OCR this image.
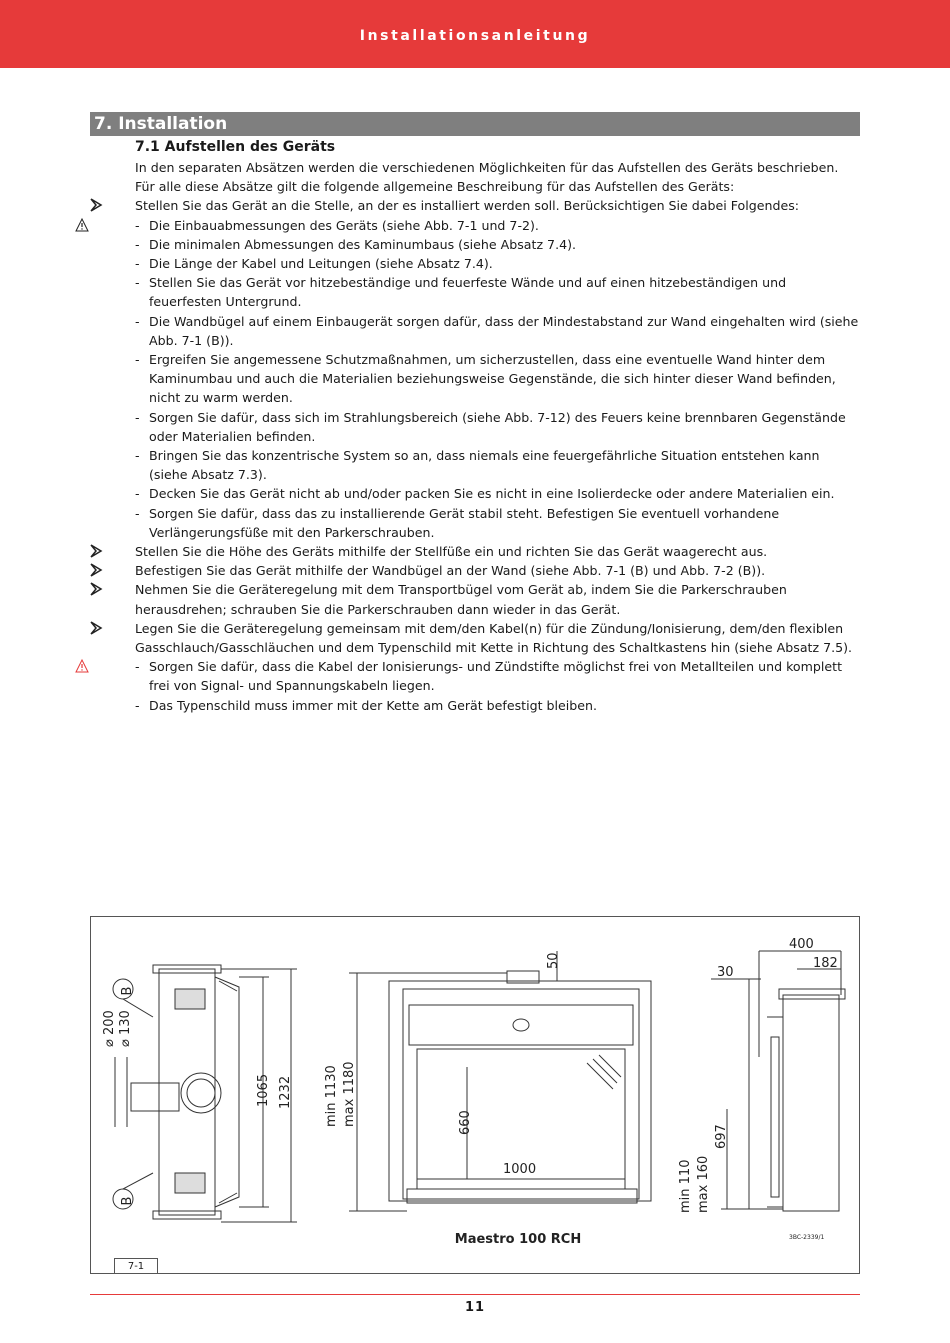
Installationsanleitung
7. Installation
7.1 Aufstellen des Geräts

In den separaten Absätzen werden die verschiedenen Möglichkeiten für das Aufstellen des Geräts beschrieben. Für alle diese Absätze gilt die folgende allgemeine Beschreibung für das Aufstellen des Geräts:

Stellen Sie das Gerät an die Stelle, an der es installiert werden soll. Berücksichtigen Sie dabei Folgendes:

- Die Einbauabmessungen des Geräts (siehe Abb. 7-1 und 7-2).
- Die minimalen Abmessungen des Kaminumbaus (siehe Absatz 7.4).
- Die Länge der Kabel und Leitungen (siehe Absatz 7.4).
- Stellen Sie das Gerät vor hitzebeständige und feuerfeste Wände und auf einen hitzebeständigen und feuerfesten Untergrund.
- Die Wandbügel auf einem Einbaugerät sorgen dafür, dass der Mindestabstand zur Wand eingehalten wird (siehe Abb. 7-1 (B)).
- Ergreifen Sie angemessene Schutzmaßnahmen, um sicherzustellen, dass eine eventuelle Wand hinter dem Kaminumbau und auch die Materialien beziehungsweise Gegenstände, die sich hinter dieser Wand befinden, nicht zu warm werden.
- Sorgen Sie dafür, dass sich im Strahlungsbereich (siehe Abb. 7-12) des Feuers keine brennbaren Gegenstände oder Materialien befinden.
- Bringen Sie das konzentrische System so an, dass niemals eine feuergefährliche Situation entstehen kann (siehe Absatz 7.3).
- Decken Sie das Gerät nicht ab und/oder packen Sie es nicht in eine Isolierdecke oder andere Materialien ein.
- Sorgen Sie dafür, dass das zu installierende Gerät stabil steht. Befestigen Sie eventuell vorhandene Verlängerungsfüße mit den Parkerschrauben.

Stellen Sie die Höhe des Geräts mithilfe der Stellfüße ein und richten Sie das Gerät waagerecht aus.

Befestigen Sie das Gerät mithilfe der Wandbügel an der Wand (siehe Abb. 7-1 (B) und Abb. 7-2 (B)).

Nehmen Sie die Geräteregelung mit dem Transportbügel vom Gerät ab, indem Sie die Parkerschrauben herausdrehen; schrauben Sie die Parkerschrauben dann wieder in das Gerät.

Legen Sie die Geräteregelung gemeinsam mit dem/den Kabel(n) für die Zündung/Ionisierung, dem/den flexiblen Gasschlauch/Gasschläuchen und dem Typenschild mit Kette in Richtung des Schaltkastens hin (siehe Absatz 7.5).

- Sorgen Sie dafür, dass die Kabel der Ionisierungs- und Zündstifte möglichst frei von Metallteilen und komplett frei von Signal- und Spannungskabeln liegen.
- Das Typenschild muss immer mit der Kette am Gerät befestigt bleiben.
B
B
⌀ 200 ⌀ 130
1065 1232 min 1130 max 1180
50
660
1000
400
182
30
697
min 110 max 160
Maestro 100 RCH	3BC-2339/1
7-1
11
